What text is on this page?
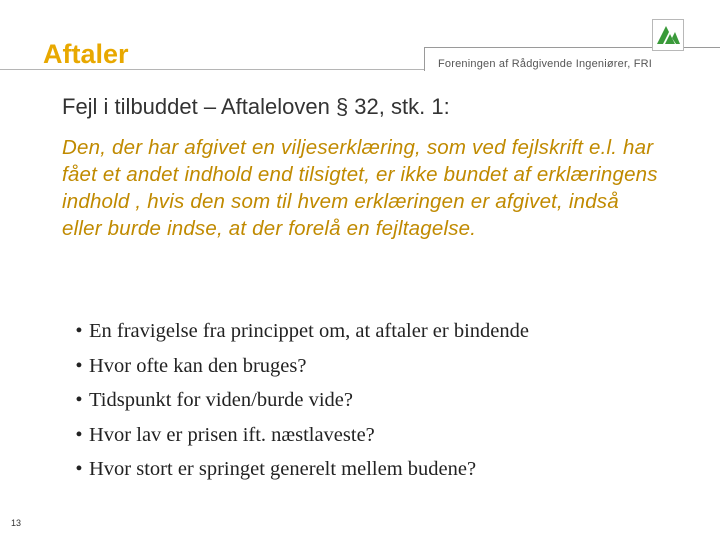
Aftaler	Foreningen af Rådgivende Ingeniører, FRI
Fejl i tilbuddet – Aftaleloven § 32, stk. 1:

Den, der har afgivet en viljeserklæring, som ved fejlskrift e.l. har fået et andet indhold end tilsigtet, er ikke bundet af erklæringens indhold , hvis den som til hvem erklæringen er afgivet, indså eller burde indse, at der forelå en fejltagelse.

• En fravigelse fra princippet om, at aftaler er bindende
• Hvor ofte kan den bruges?
• Tidspunkt for viden/burde vide?
• Hvor lav er prisen ift. næstlaveste?
• Hvor stort er springet generelt mellem budene?
13
